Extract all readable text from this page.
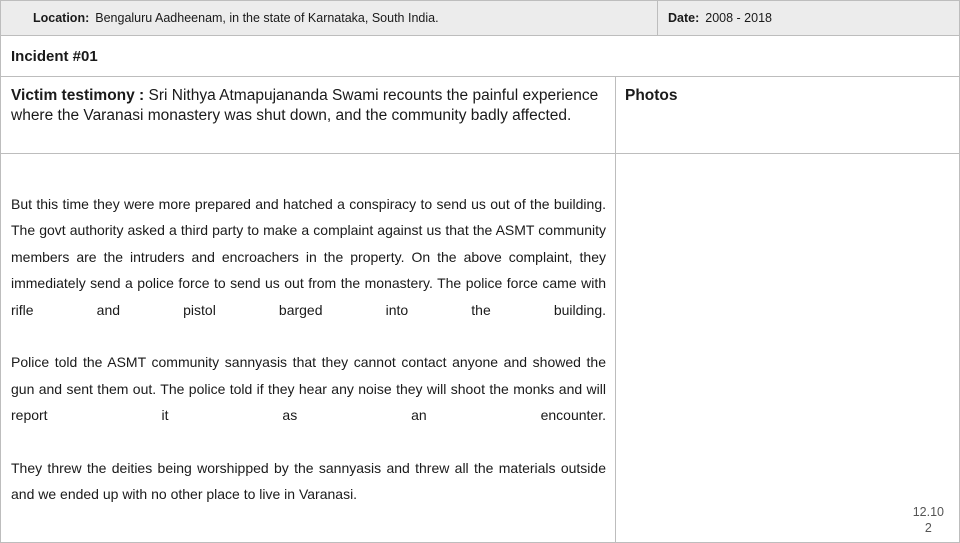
Location: Bengaluru Aadheenam, in the state of Karnataka, South India.	Date: 2008 - 2018
Incident #01
Victim testimony : Sri Nithya Atmapujananda Swami recounts the painful experience where the Varanasi monastery was shut down, and the community badly affected.
Photos

But this time they were more prepared and hatched a conspiracy to send us out of the building. The govt authority asked a third party to make a complaint against us that the ASMT community members are the intruders and encroachers in the property. On the above complaint, they immediately send a police force to send us out from the monastery. The police force came with rifle and pistol barged into the building.

Police told the ASMT community sannyasis that they cannot contact anyone and showed the gun and sent them out. The police told if they hear any noise they will shoot the monks and will report it as an encounter.

They threw the deities being worshipped by the sannyasis and threw all the materials outside and we ended up with no other place to live in Varanasi.

12.10
2
